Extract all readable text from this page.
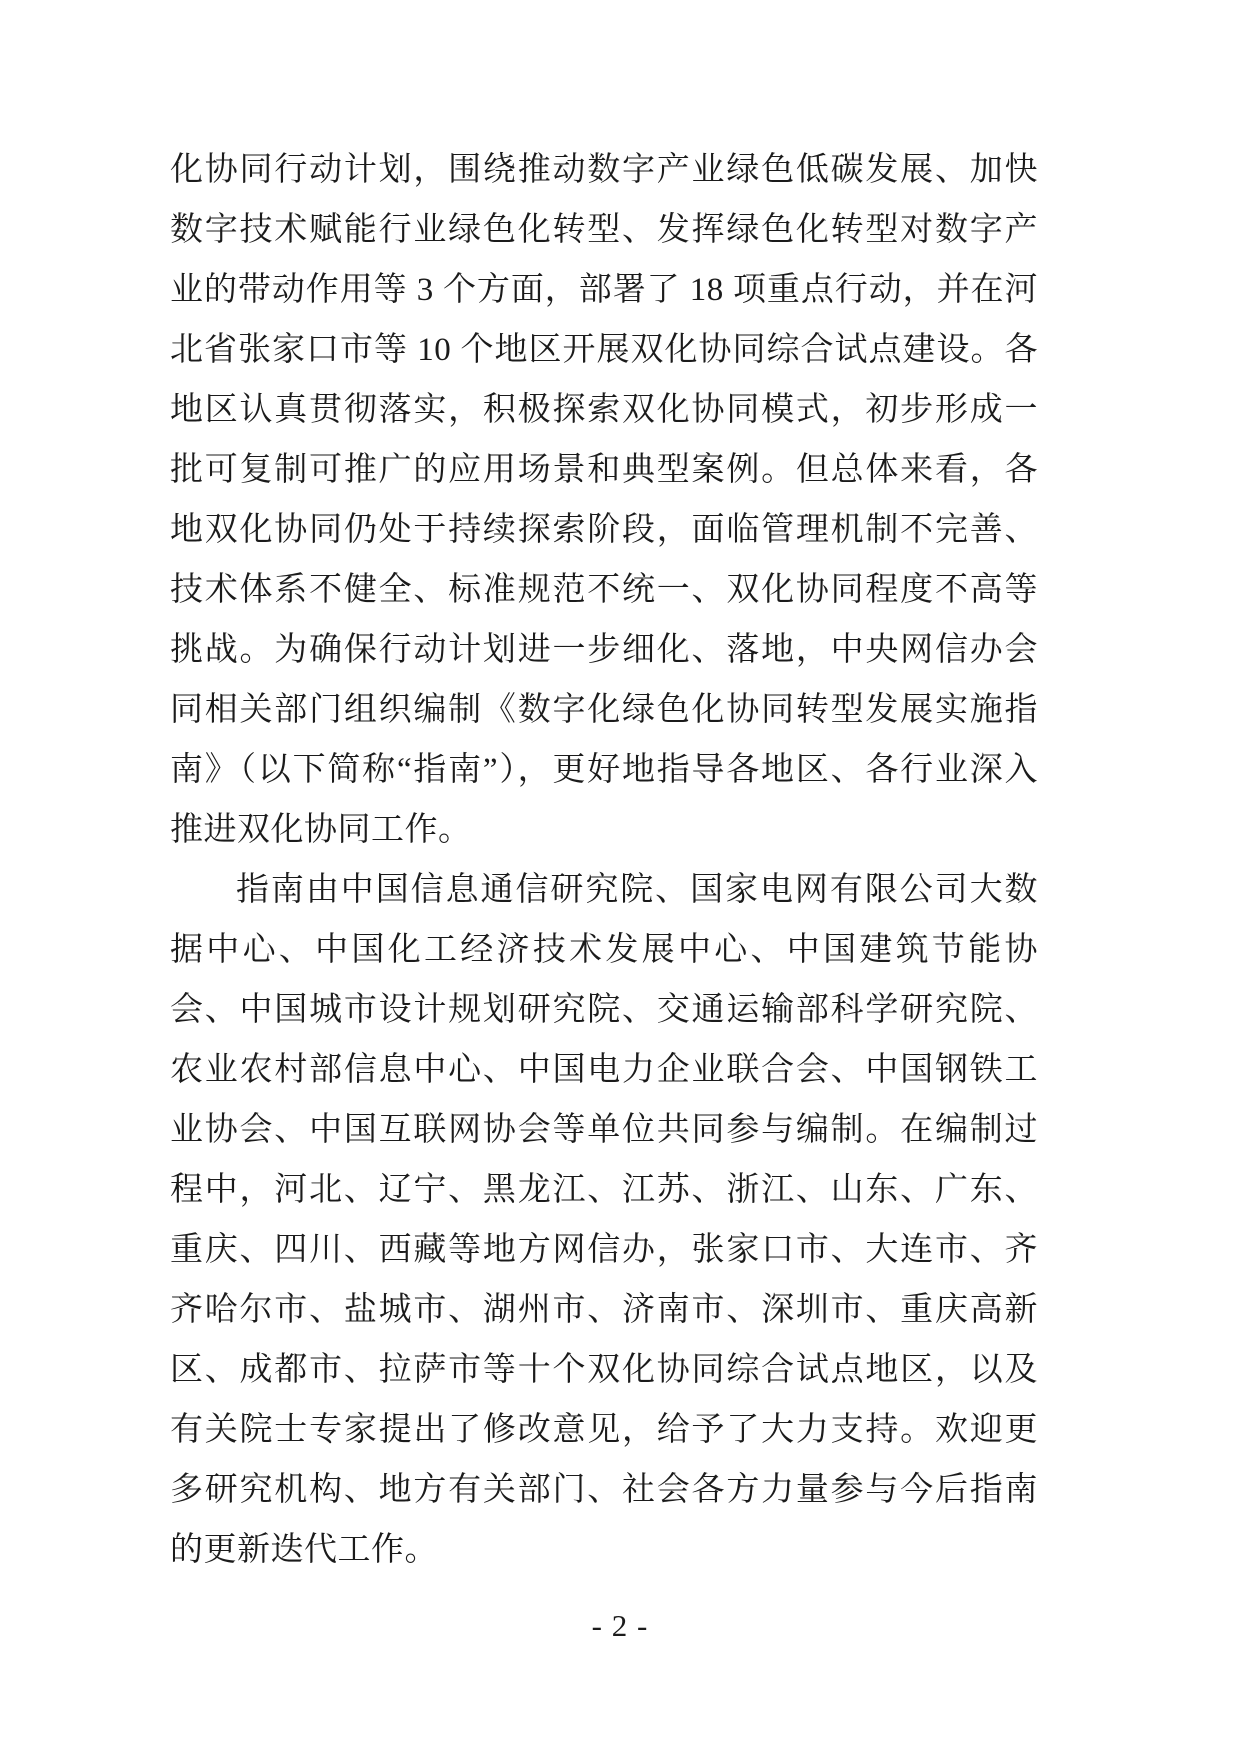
化协同行动计划，围绕推动数字产业绿色低碳发展、加快数字技术赋能行业绿色化转型、发挥绿色化转型对数字产业的带动作用等 3 个方面，部署了 18 项重点行动，并在河北省张家口市等 10 个地区开展双化协同综合试点建设。各地区认真贯彻落实，积极探索双化协同模式，初步形成一批可复制可推广的应用场景和典型案例。但总体来看，各地双化协同仍处于持续探索阶段，面临管理机制不完善、技术体系不健全、标准规范不统一、双化协同程度不高等挑战。为确保行动计划进一步细化、落地，中央网信办会同相关部门组织编制《数字化绿色化协同转型发展实施指南》（以下简称“指南”），更好地指导各地区、各行业深入推进双化协同工作。

指南由中国信息通信研究院、国家电网有限公司大数据中心、中国化工经济技术发展中心、中国建筑节能协会、中国城市设计规划研究院、交通运输部科学研究院、农业农村部信息中心、中国电力企业联合会、中国钢铁工业协会、中国互联网协会等单位共同参与编制。在编制过程中，河北、辽宁、黑龙江、江苏、浙江、山东、广东、重庆、四川、西藏等地方网信办，张家口市、大连市、齐齐哈尔市、盐城市、湖州市、济南市、深圳市、重庆高新区、成都市、拉萨市等十个双化协同综合试点地区，以及有关院士专家提出了修改意见，给予了大力支持。欢迎更多研究机构、地方有关部门、社会各方力量参与今后指南的更新迭代工作。

- 2 -
